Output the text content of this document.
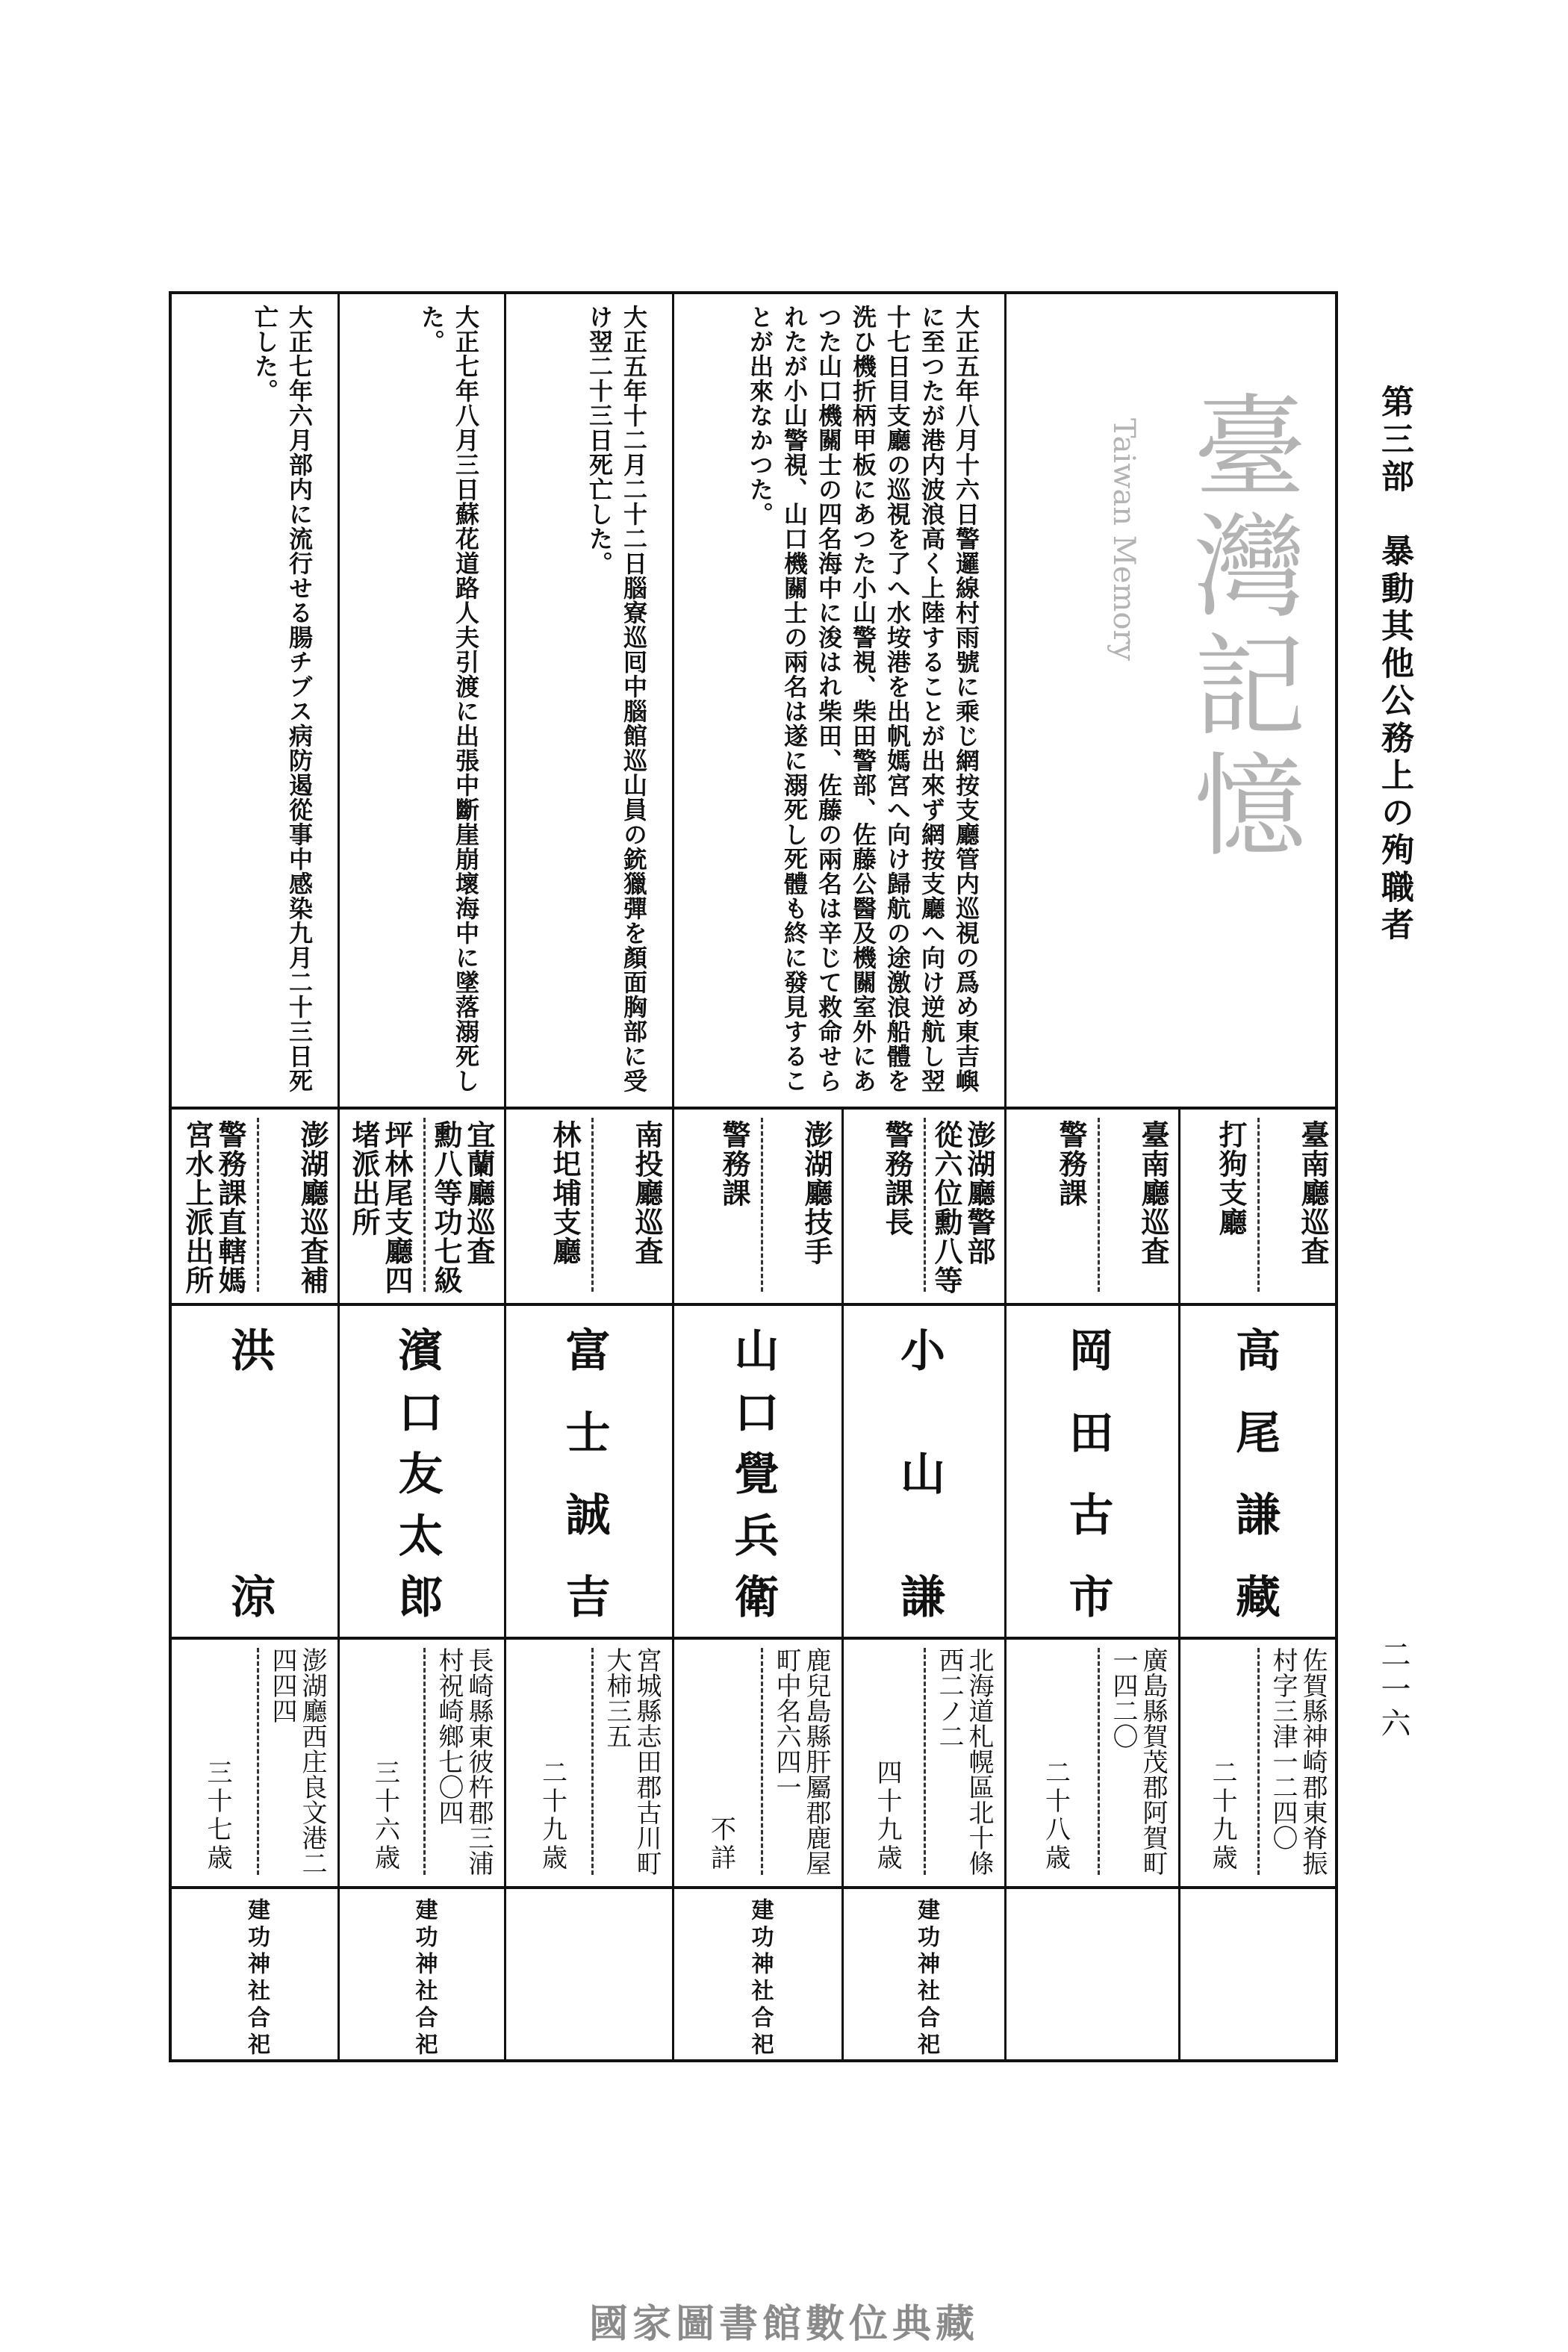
第三部　暴動其他公務上の殉職者
二一六
大正五年八月十六日警邏線村雨號に乘じ網按支廳管内巡視の爲め東吉嶼
に至つたが港内波浪高く上陸することが出來ず網按支廳へ向け逆航し翌
十七日目支廳の巡視を了へ水垵港を出帆媽宮へ向け歸航の途激浪船體を
洗ひ機折柄甲板にあつた小山警視、柴田警部、佐藤公醫及機關室外にあ
つた山口機關士の四名海中に浚はれ柴田、佐藤の兩名は辛じて救命せら
れたが小山警視、山口機關士の兩名は遂に溺死し死體も終に發見するこ
とが出來なかつた。
大正五年十二月二十二日腦寮巡囘中腦館巡山員の銃獵彈を顏面胸部に受
け翌二十三日死亡した。
大正七年八月三日蘇花道路人夫引渡に出張中斷崖崩壞海中に墜落溺死し
た。
大正七年六月部内に流行せる腸チブス病防遏從事中感染九月二十三日死
亡した。
臺南廳巡査
打狗支廳
高
尾
謙
藏
佐賀縣神崎郡東脊振
村字三津一二四〇
二十九歳
臺南廳巡査
警務課
岡
田
古
市
廣島縣賀茂郡阿賀町
一四二〇
二十八歳
澎湖廳警部
從六位勳八等
警務課長
小
山
謙
北海道札幌區北十條
西二ノ二
四十九歳
建功神社合祀
澎湖廳技手
警務課
山
口
覺
兵
衛
鹿兒島縣肝屬郡鹿屋
町中名六四一
不詳
建功神社合祀
南投廳巡査
林圯埔支廳
富
士
誠
吉
宮城縣志田郡古川町
大柿三五
二十九歳
宜蘭廳巡査
勳八等功七級
坪林尾支廳四
堵派出所
濱
口
友
太
郎
長崎縣東彼杵郡三浦
村祝崎鄉七〇四
三十六歳
建功神社合祀
澎湖廳巡査補
警務課直轄媽
宮水上派出所
洪
涼
澎湖廳西庄良文港二
四四四
三十七歳
建功神社合祀
臺灣記憶
Taiwan Memory
國家圖書館數位典藏
